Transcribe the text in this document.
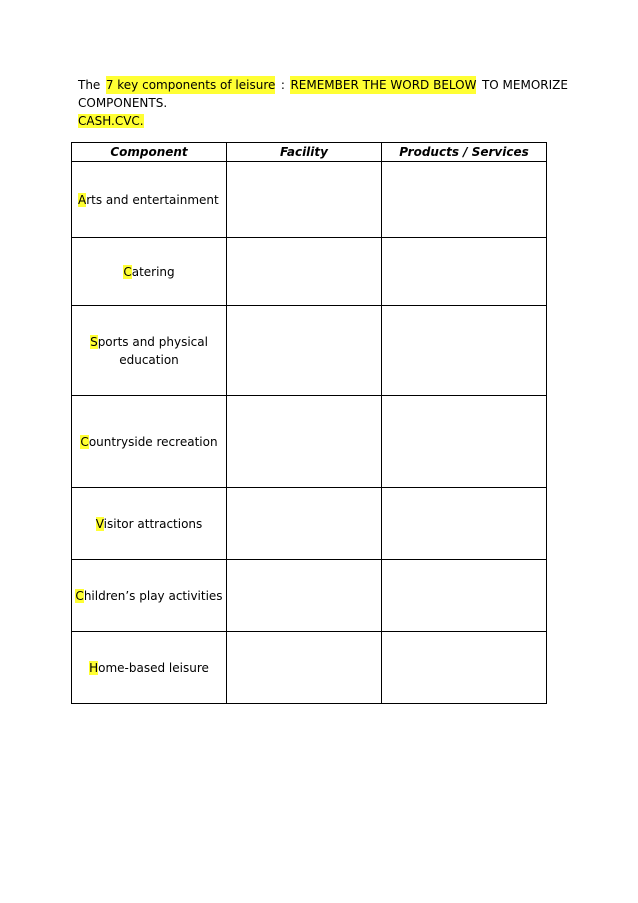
The 7 key components of leisure : REMEMBER THE WORD BELOW TO MEMORIZE
COMPONENTS.
CASH.CVC.
Component	Facility	Products / Services

Arts and entertainment		

Catering		
Sports and physical education		
Countryside recreation		
Visitor attractions		
Children’s play activities		
Home-based leisure		
